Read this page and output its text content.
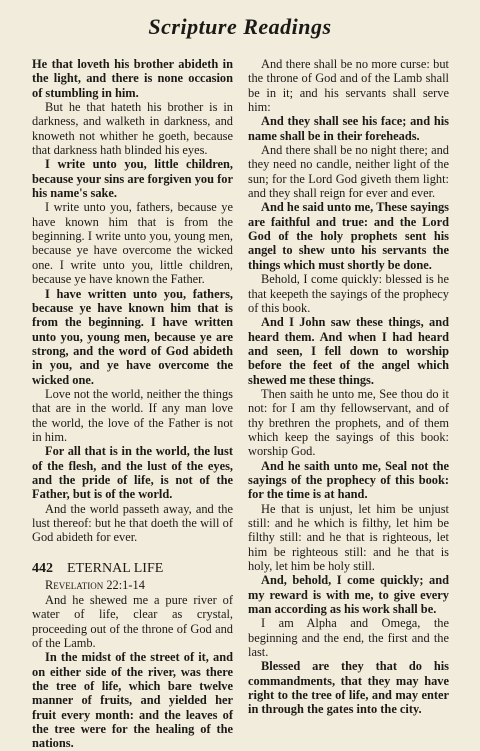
Scripture Readings

He that loveth his brother abideth in the light, and there is none occasion of stumbling in him.

But he that hateth his brother is in darkness, and walketh in darkness, and knoweth not whither he goeth, because that darkness hath blinded his eyes.

I write unto you, little children, because your sins are forgiven you for his name's sake.

I write unto you, fathers, because ye have known him that is from the beginning. I write unto you, young men, because ye have overcome the wicked one. I write unto you, little children, because ye have known the Father.

I have written unto you, fathers, because ye have known him that is from the beginning. I have written unto you, young men, because ye are strong, and the word of God abideth in you, and ye have overcome the wicked one.

Love not the world, neither the things that are in the world. If any man love the world, the love of the Father is not in him.

For all that is in the world, the lust of the flesh, and the lust of the eyes, and the pride of life, is not of the Father, but is of the world.

And the world passeth away, and the lust thereof: but he that doeth the will of God abideth for ever.

442 ETERNAL LIFE

Revelation 22:1-14

And he shewed me a pure river of water of life, clear as crystal, proceeding out of the throne of God and of the Lamb.

In the midst of the street of it, and on either side of the river, was there the tree of life, which bare twelve manner of fruits, and yielded her fruit every month: and the leaves of the tree were for the healing of the nations.

And there shall be no more curse: but the throne of God and of the Lamb shall be in it; and his servants shall serve him:

And they shall see his face; and his name shall be in their foreheads.

And there shall be no night there; and they need no candle, neither light of the sun; for the Lord God giveth them light: and they shall reign for ever and ever.

And he said unto me, These sayings are faithful and true: and the Lord God of the holy prophets sent his angel to shew unto his servants the things which must shortly be done.

Behold, I come quickly: blessed is he that keepeth the sayings of the prophecy of this book.

And I John saw these things, and heard them. And when I had heard and seen, I fell down to worship before the feet of the angel which shewed me these things.

Then saith he unto me, See thou do it not: for I am thy fellowservant, and of thy brethren the prophets, and of them which keep the sayings of this book: worship God.

And he saith unto me, Seal not the sayings of the prophecy of this book: for the time is at hand.

He that is unjust, let him be unjust still: and he which is filthy, let him be filthy still: and he that is righteous, let him be righteous still: and he that is holy, let him be holy still.

And, behold, I come quickly; and my reward is with me, to give every man according as his work shall be.

I am Alpha and Omega, the beginning and the end, the first and the last.

Blessed are they that do his commandments, that they may have right to the tree of life, and may enter in through the gates into the city.
